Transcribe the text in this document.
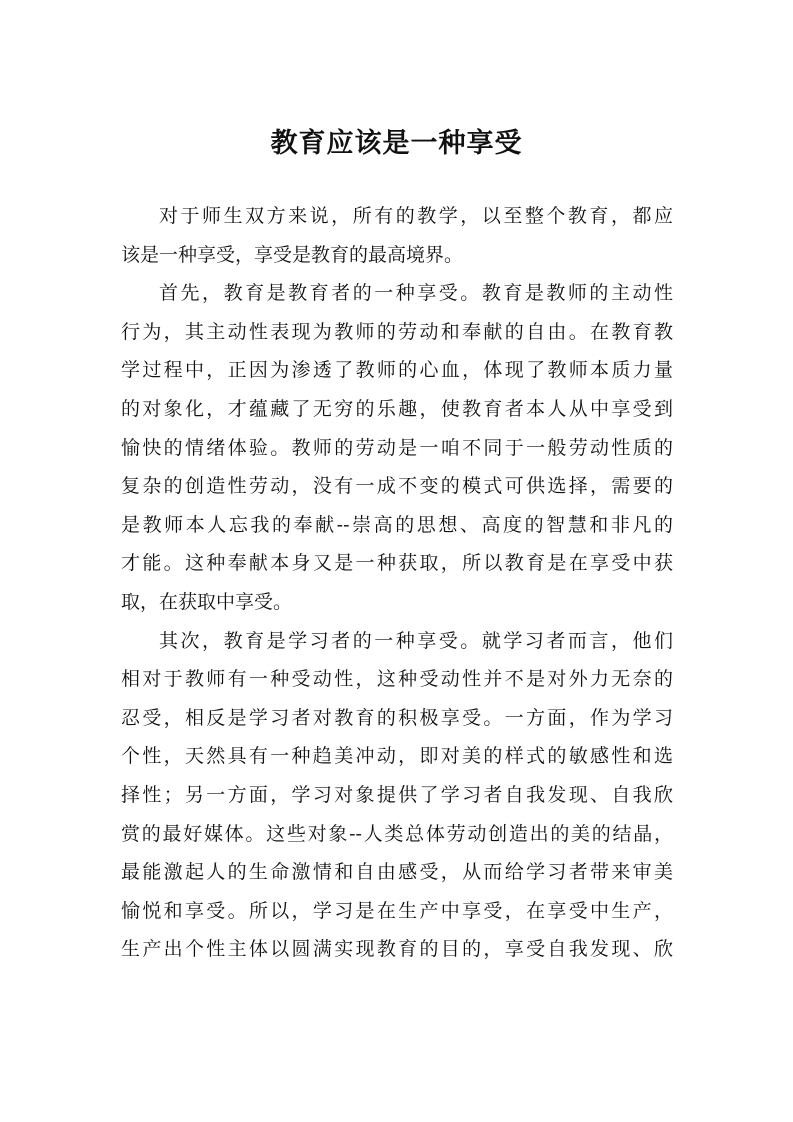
教育应该是一种享受

对于师生双方来说，所有的教学，以至整个教育，都应
该是一种享受，享受是教育的最高境界。

首先，教育是教育者的一种享受。教育是教师的主动性
行为，其主动性表现为教师的劳动和奉献的自由。在教育教
学过程中，正因为渗透了教师的心血，体现了教师本质力量
的对象化，才蕴藏了无穷的乐趣，使教育者本人从中享受到
愉快的情绪体验。教师的劳动是一咱不同于一般劳动性质的
复杂的创造性劳动，没有一成不变的模式可供选择，需要的
是教师本人忘我的奉献--崇高的思想、高度的智慧和非凡的
才能。这种奉献本身又是一种获取，所以教育是在享受中获
取，在获取中享受。

其次，教育是学习者的一种享受。就学习者而言，他们
相对于教师有一种受动性，这种受动性并不是对外力无奈的
忍受，相反是学习者对教育的积极享受。一方面，作为学习
个性，天然具有一种趋美冲动，即对美的样式的敏感性和选
择性；另一方面，学习对象提供了学习者自我发现、自我欣
赏的最好媒体。这些对象--人类总体劳动创造出的美的结晶，
最能激起人的生命激情和自由感受，从而给学习者带来审美
愉悦和享受。所以，学习是在生产中享受，在享受中生产，
生产出个性主体以圆满实现教育的目的，享受自我发现、欣
